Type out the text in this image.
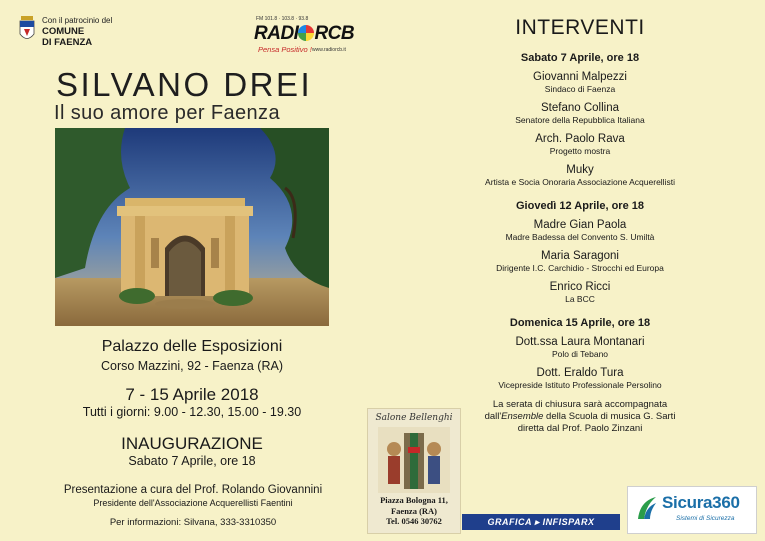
Con il patrocinio del
COMUNE
DI FAENZA
FM 101.8 · 103.8 · 93.8
RADI RCB
Pensa Positivo ! www.radiorcb.it
SILVANO DREI
Il suo amore per Faenza
Palazzo delle Esposizioni
Corso Mazzini, 92 - Faenza (RA)
7 - 15 Aprile 2018
Tutti i giorni: 9.00 - 12.30, 15.00 - 19.30
INAUGURAZIONE
Sabato 7 Aprile, ore 18
Presentazione a cura del Prof. Rolando Giovannini
Presidente dell'Associazione Acquerellisti Faentini
Per informazioni: Silvana, 333-3310350
INTERVENTI
Sabato 7 Aprile, ore 18
Giovanni Malpezzi
Sindaco di Faenza
Stefano Collina
Senatore della Repubblica Italiana
Arch. Paolo Rava
Progetto mostra
Muky
Artista e Socia Onoraria Associazione Acquerellisti
Giovedì 12 Aprile, ore 18
Madre Gian Paola
Madre Badessa del Convento S. Umiltà
Maria Saragoni
Dirigente I.C. Carchidio - Strocchi ed Europa
Enrico Ricci
La BCC
Domenica 15 Aprile, ore 18
Dott.ssa Laura Montanari
Polo di Tebano
Dott. Eraldo Tura
Vicepreside Istituto Professionale Persolino
La serata di chiusura sarà accompagnata
dall'Ensemble della Scuola di musica G. Sarti
diretta dal Prof. Paolo Zinzani
Salone Bellenghi
Piazza Bologna 11,
Faenza (RA)
Tel. 0546 30762	GRAFICA ▸ INFISPARX
Sicura360
Sistemi di Sicurezza
